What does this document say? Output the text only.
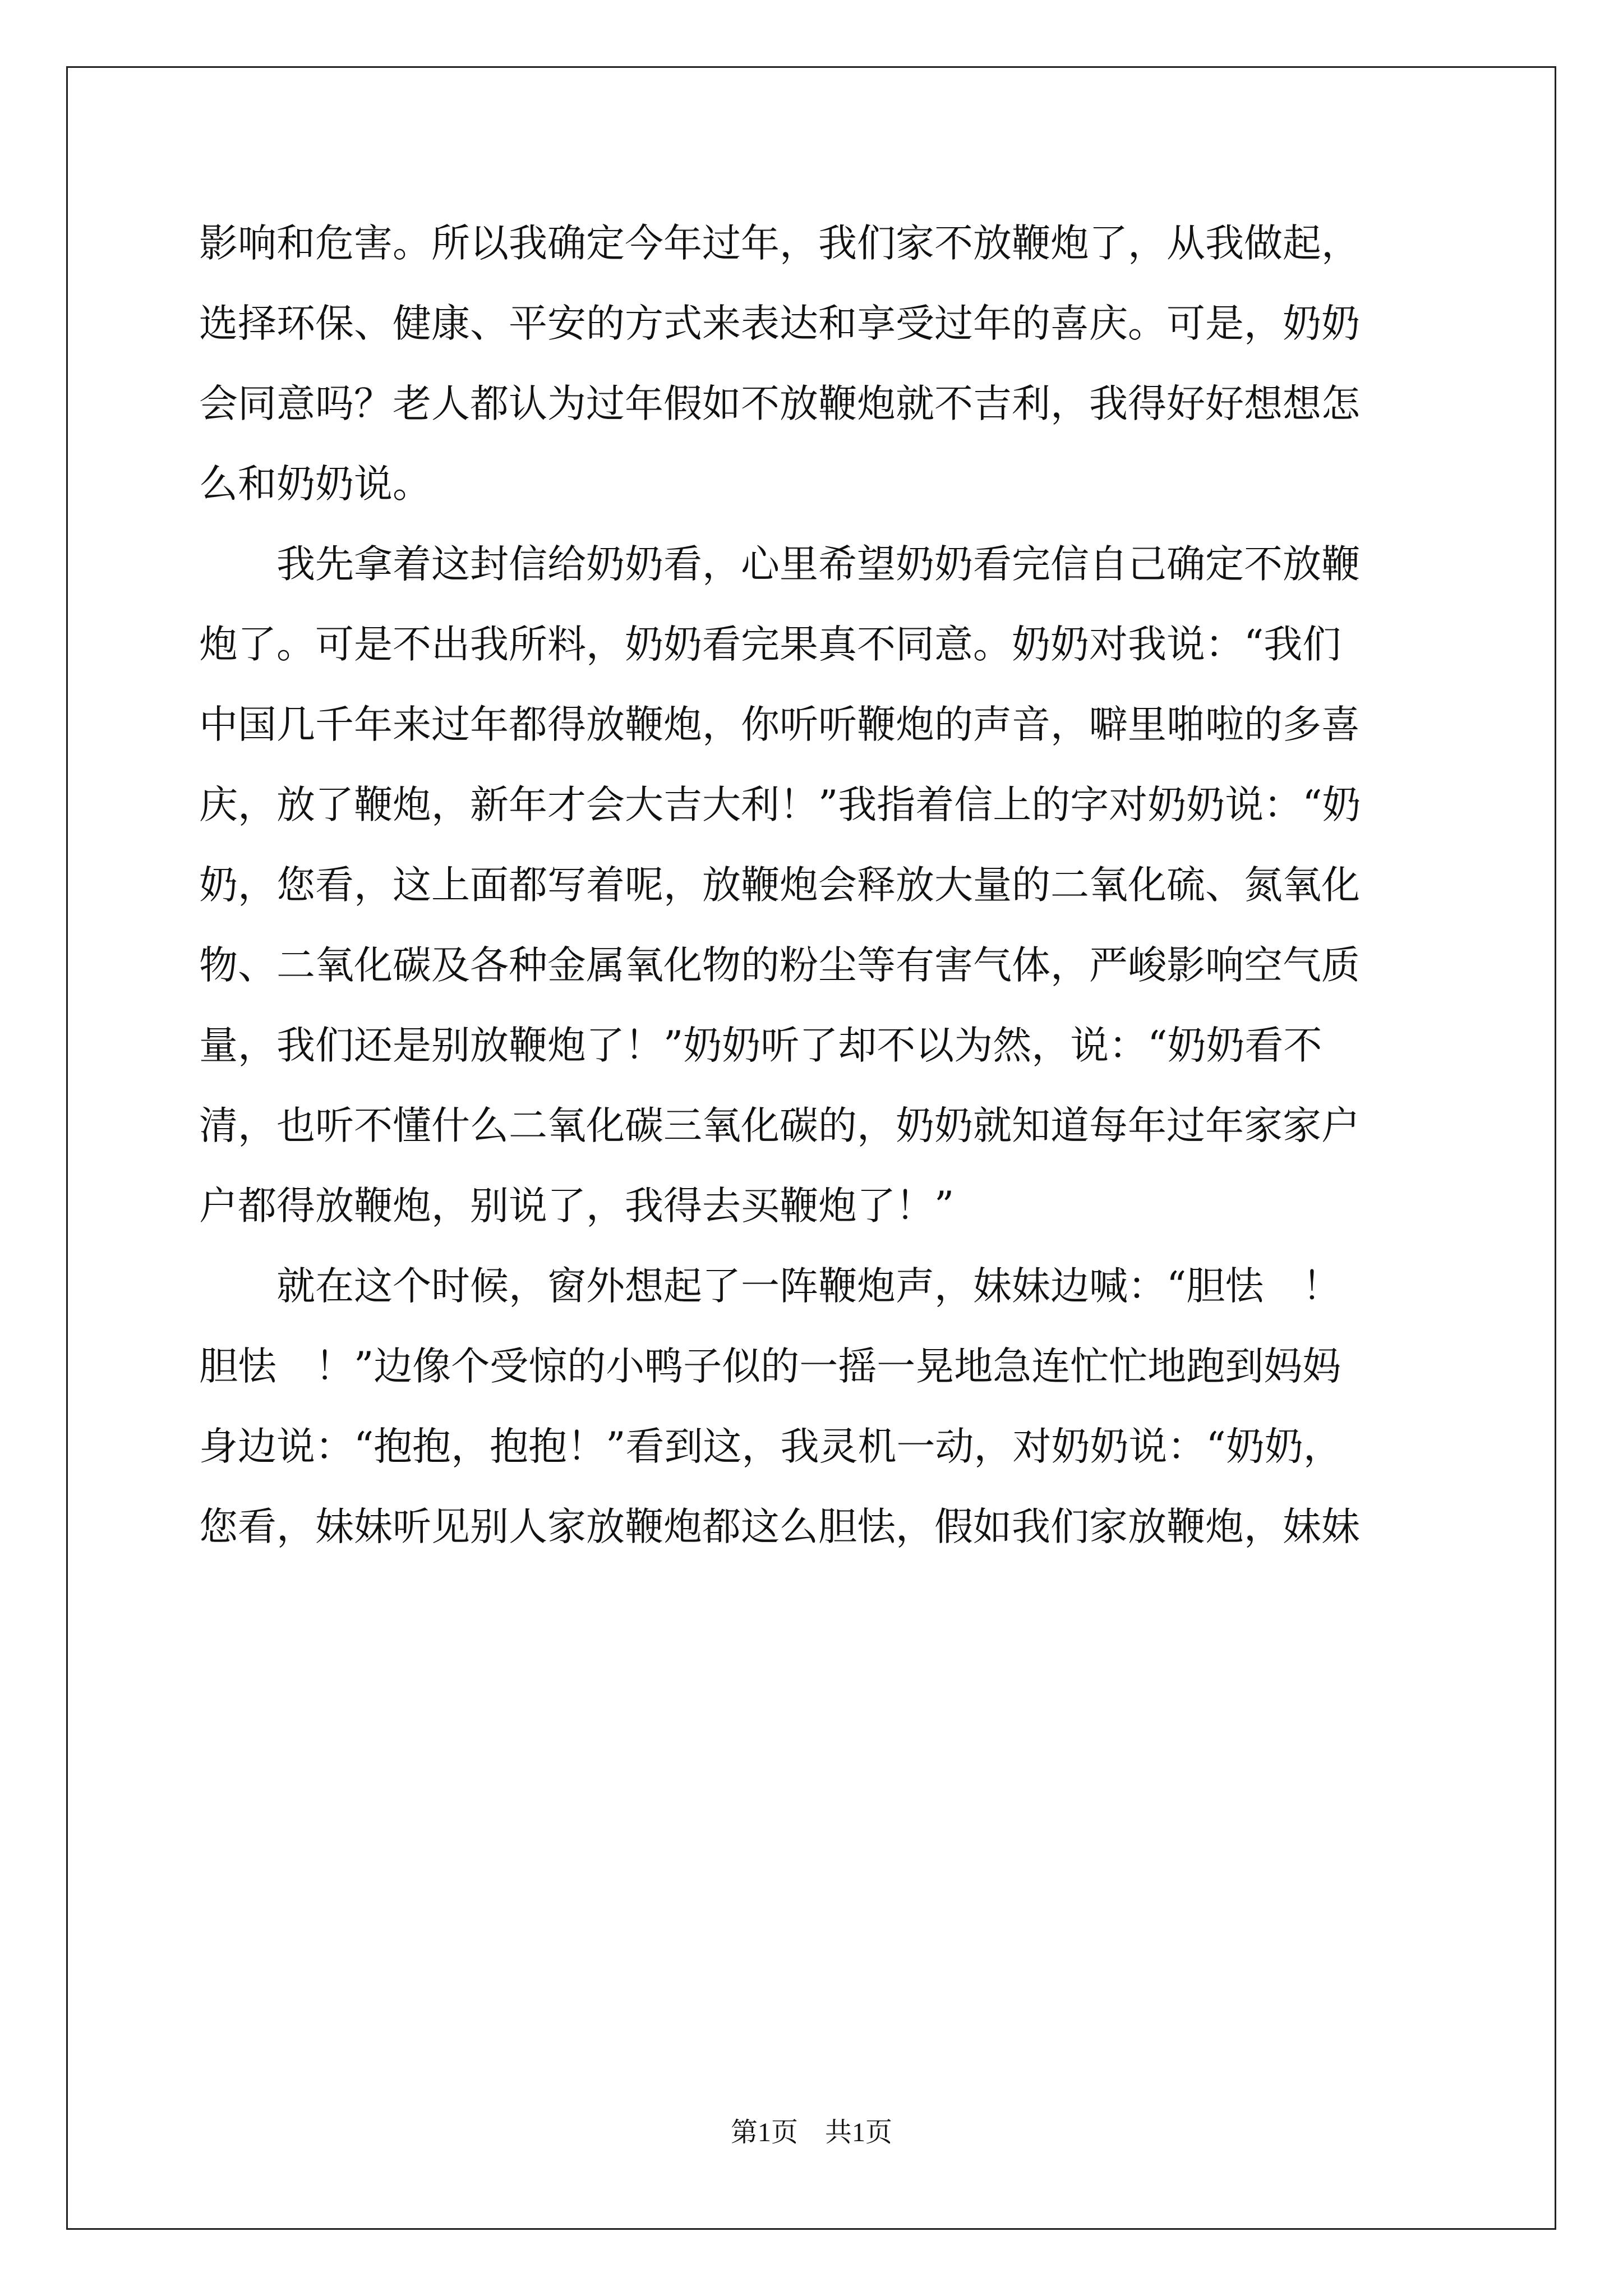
影响和危害。所以我确定今年过年，我们家不放鞭炮了，从我做起，

选择环保、健康、平安的方式来表达和享受过年的喜庆。可是，奶奶

会同意吗？老人都认为过年假如不放鞭炮就不吉利，我得好好想想怎

么和奶奶说。

我先拿着这封信给奶奶看，心里希望奶奶看完信自己确定不放鞭

炮了。可是不出我所料，奶奶看完果真不同意。奶奶对我说：“我们

中国几千年来过年都得放鞭炮，你听听鞭炮的声音，噼里啪啦的多喜

庆，放了鞭炮，新年才会大吉大利！”我指着信上的字对奶奶说：“奶

奶，您看，这上面都写着呢，放鞭炮会释放大量的二氧化硫、氮氧化

物、二氧化碳及各种金属氧化物的粉尘等有害气体，严峻影响空气质

量，我们还是别放鞭炮了！”奶奶听了却不以为然，说：“奶奶看不

清，也听不懂什么二氧化碳三氧化碳的，奶奶就知道每年过年家家户

户都得放鞭炮，别说了，我得去买鞭炮了！”

就在这个时候，窗外想起了一阵鞭炮声，妹妹边喊：“胆怯　！

胆怯　！”边像个受惊的小鸭子似的一摇一晃地急连忙忙地跑到妈妈

身边说：“抱抱，抱抱！”看到这，我灵机一动，对奶奶说：“奶奶，

您看，妹妹听见别人家放鞭炮都这么胆怯，假如我们家放鞭炮，妹妹

第1页　共1页
